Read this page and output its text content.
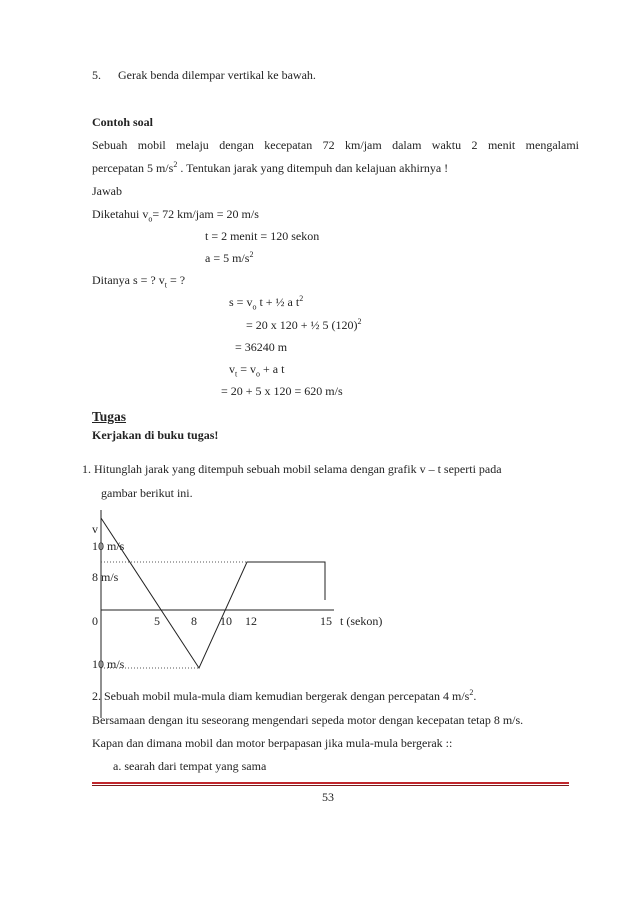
5. Gerak benda dilempar vertikal ke bawah.
Contoh soal
Sebuah mobil melaju dengan kecepatan 72 km/jam dalam waktu 2 menit mengalami
percepatan 5 $m/s^2$ . Tentukan jarak yang ditempuh dan kelajuan akhirnya !
Jawab
Diketahui $v_o= 72$ km/jam = 20 m/s
t = 2 menit = 120 sekon
a = 5 $m/s^2$
Ditanya s = ? $v_t$ = ?
$s = v_o$ t + ½ a $t^2$
= 20 x 120 + ½ 5 $(120)^2$
= 36240 m
$v_t = v_o + a$ t
= 20 + 5 x 120 = 620 m/s
Tugas
Kerjakan di buku tugas!
1. Hitunglah jarak yang ditempuh sebuah mobil selama dengan grafik v – t seperti pada
gambar berikut ini.
v
10 m/s
8 m/s
0	5	8 10 12	15 t (sekon)
10 m/s
2. Sebuah mobil mula-mula diam kemudian bergerak dengan percepatan 4 $m/s^2$.
Bersamaan dengan itu seseorang mengendari sepeda motor dengan kecepatan tetap 8 m/s.
Kapan dan dimana mobil dan motor berpapasan jika mula-mula bergerak ::
a. searah dari tempat yang sama
53
